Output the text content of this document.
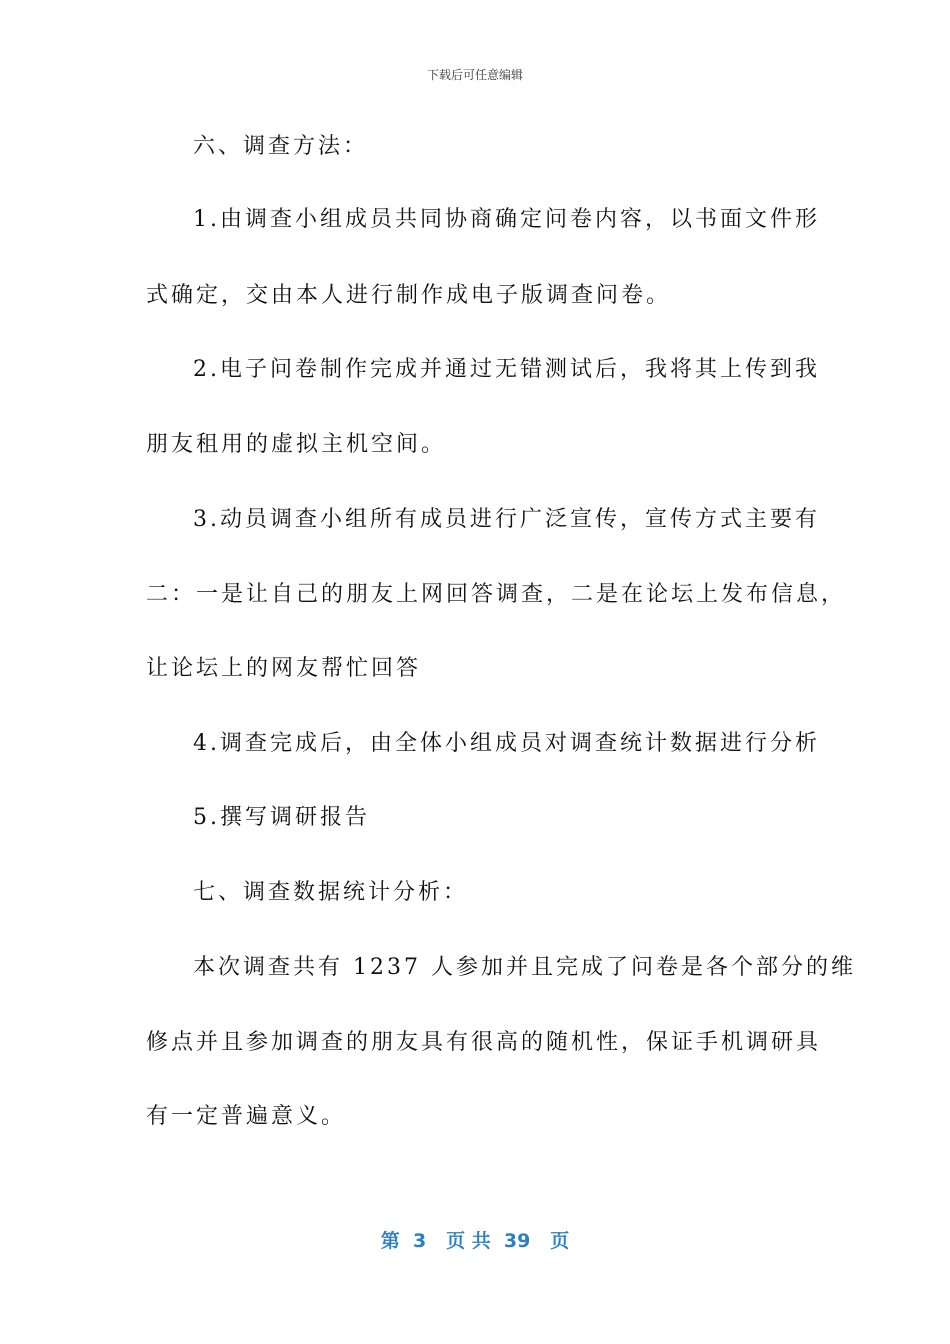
下载后可任意编辑
六、调查方法：
1.由调查小组成员共同协商确定问卷内容，以书面文件形
式确定，交由本人进行制作成电子版调查问卷。
2.电子问卷制作完成并通过无错测试后，我将其上传到我
朋友租用的虚拟主机空间。
3.动员调查小组所有成员进行广泛宣传，宣传方式主要有
二：一是让自己的朋友上网回答调查，二是在论坛上发布信息，
让论坛上的网友帮忙回答
4.调查完成后，由全体小组成员对调查统计数据进行分析
5.撰写调研报告
七、调查数据统计分析：
本次调查共有 1237 人参加并且完成了问卷是各个部分的维
修点并且参加调查的朋友具有很高的随机性，保证手机调研具
有一定普遍意义。
第  3   页 共  39   页
